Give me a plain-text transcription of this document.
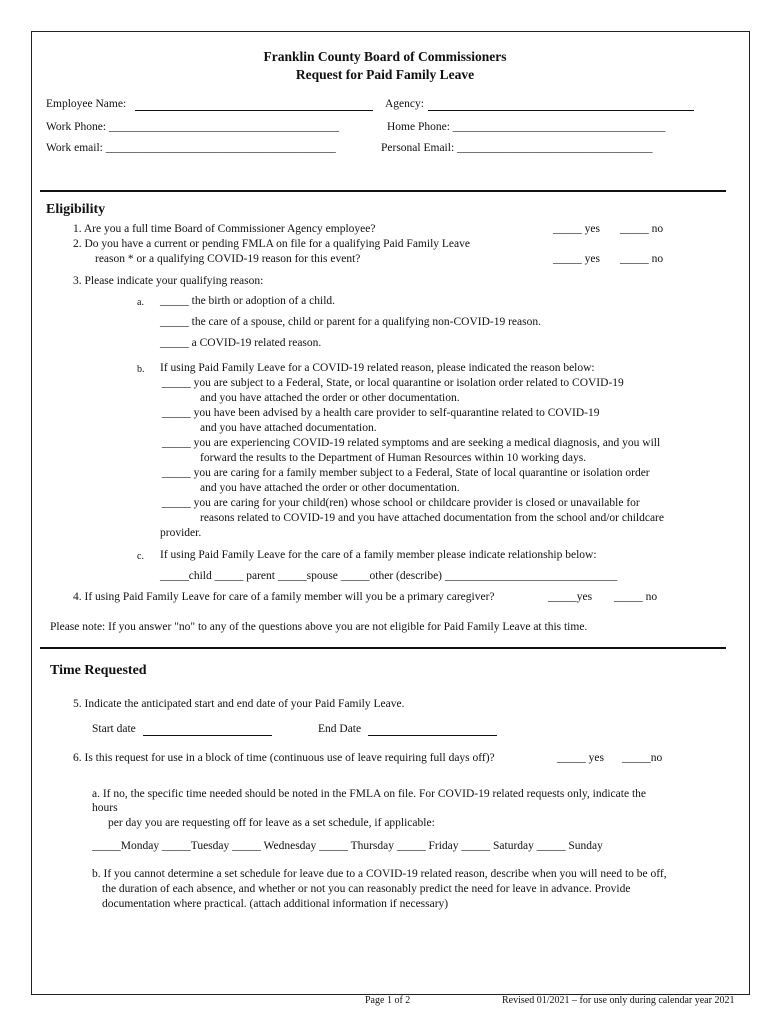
Franklin County Board of Commissioners
Request for Paid Family Leave
Employee Name:	Agency:
Work Phone: ________________________________________	Home Phone: _____________________________________
Work email: ________________________________________	Personal Email: __________________________________
Eligibility
1. Are you a full time Board of Commissioner Agency employee?	_____ yes _____ no
2. Do you have a current or pending FMLA on file for a qualifying Paid Family Leave
reason * or a qualifying COVID-19 reason for this event?	_____ yes _____ no
3. Please indicate your qualifying reason:
a. _____ the birth or adoption of a child.
_____ the care of a spouse, child or parent for a qualifying non-COVID-19 reason.
_____ a COVID-19 related reason.
b. If using Paid Family Leave for a COVID-19 related reason, please indicated the reason below:
_____ you are subject to a Federal, State, or local quarantine or isolation order related to COVID-19
and you have attached the order or other documentation.
_____ you have been advised by a health care provider to self-quarantine related to COVID-19
and you have attached documentation.
_____ you are experiencing COVID-19 related symptoms and are seeking a medical diagnosis, and you will
forward the results to the Department of Human Resources within 10 working days.
_____ you are caring for a family member subject to a Federal, State of local quarantine or isolation order
and you have attached the order or other documentation.
_____ you are caring for your child(ren) whose school or childcare provider is closed or unavailable for
reasons related to COVID-19 and you have attached documentation from the school and/or childcare
provider.
c. If using Paid Family Leave for the care of a family member please indicate relationship below:
_____child _____ parent _____spouse _____other (describe) ______________________________
4. If using Paid Family Leave for care of a family member will you be a primary caregiver?	_____yes _____ no
Please note: If you answer "no" to any of the questions above you are not eligible for Paid Family Leave at this time.
Time Requested
5. Indicate the anticipated start and end date of your Paid Family Leave.
Start date	End Date
6. Is this request for use in a block of time (continuous use of leave requiring full days off)?	_____ yes _____no
a. If no, the specific time needed should be noted in the FMLA on file. For COVID-19 related requests only, indicate the
hours
per day you are requesting off for leave as a set schedule, if applicable:
_____Monday _____Tuesday _____ Wednesday _____ Thursday _____ Friday _____ Saturday _____ Sunday
b. If you cannot determine a set schedule for leave due to a COVID-19 related reason, describe when you will need to be off,
the duration of each absence, and whether or not you can reasonably predict the need for leave in advance. Provide
documentation where practical. (attach additional information if necessary)
Page 1 of 2	Revised 01/2021 – for use only during calendar year 2021
